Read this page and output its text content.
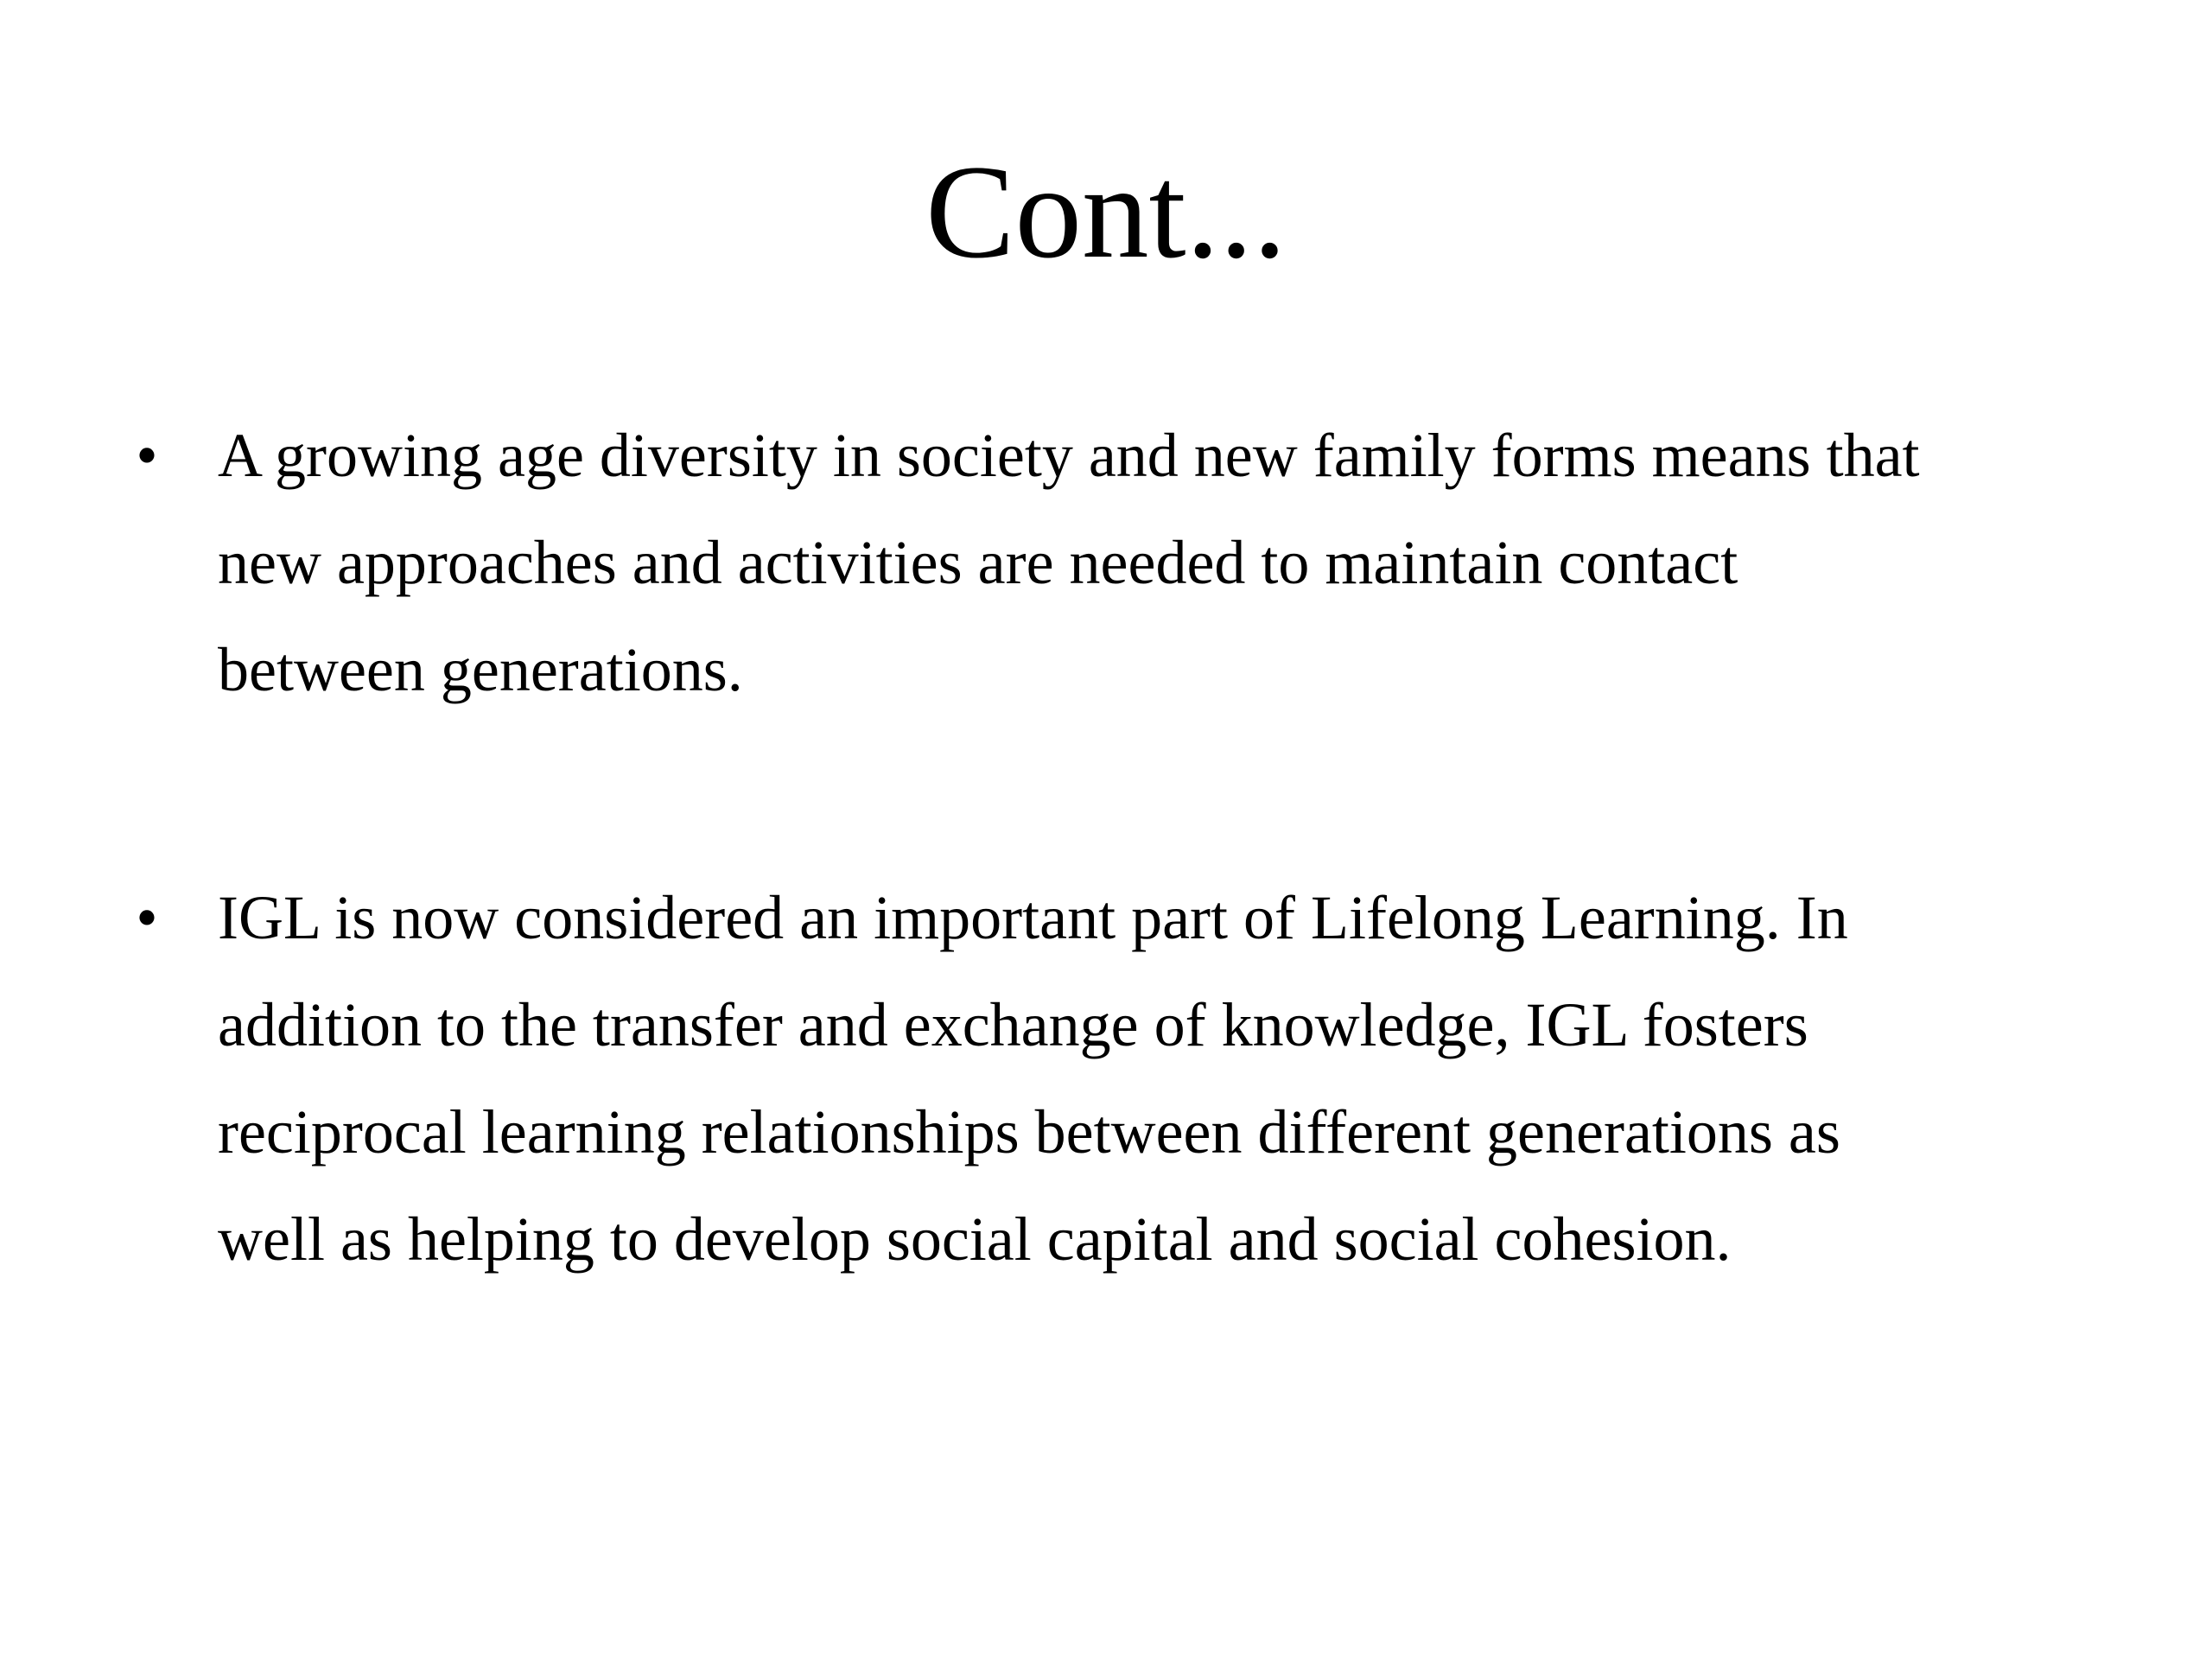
Cont...
• A growing age diversity in society and new family forms means that
new approaches and activities are needed to maintain contact
between generations.
• IGL is now considered an important part of Lifelong Learning. In
addition to the transfer and exchange of knowledge, IGL fosters
reciprocal learning relationships between different generations as
well as helping to develop social capital and social cohesion.
